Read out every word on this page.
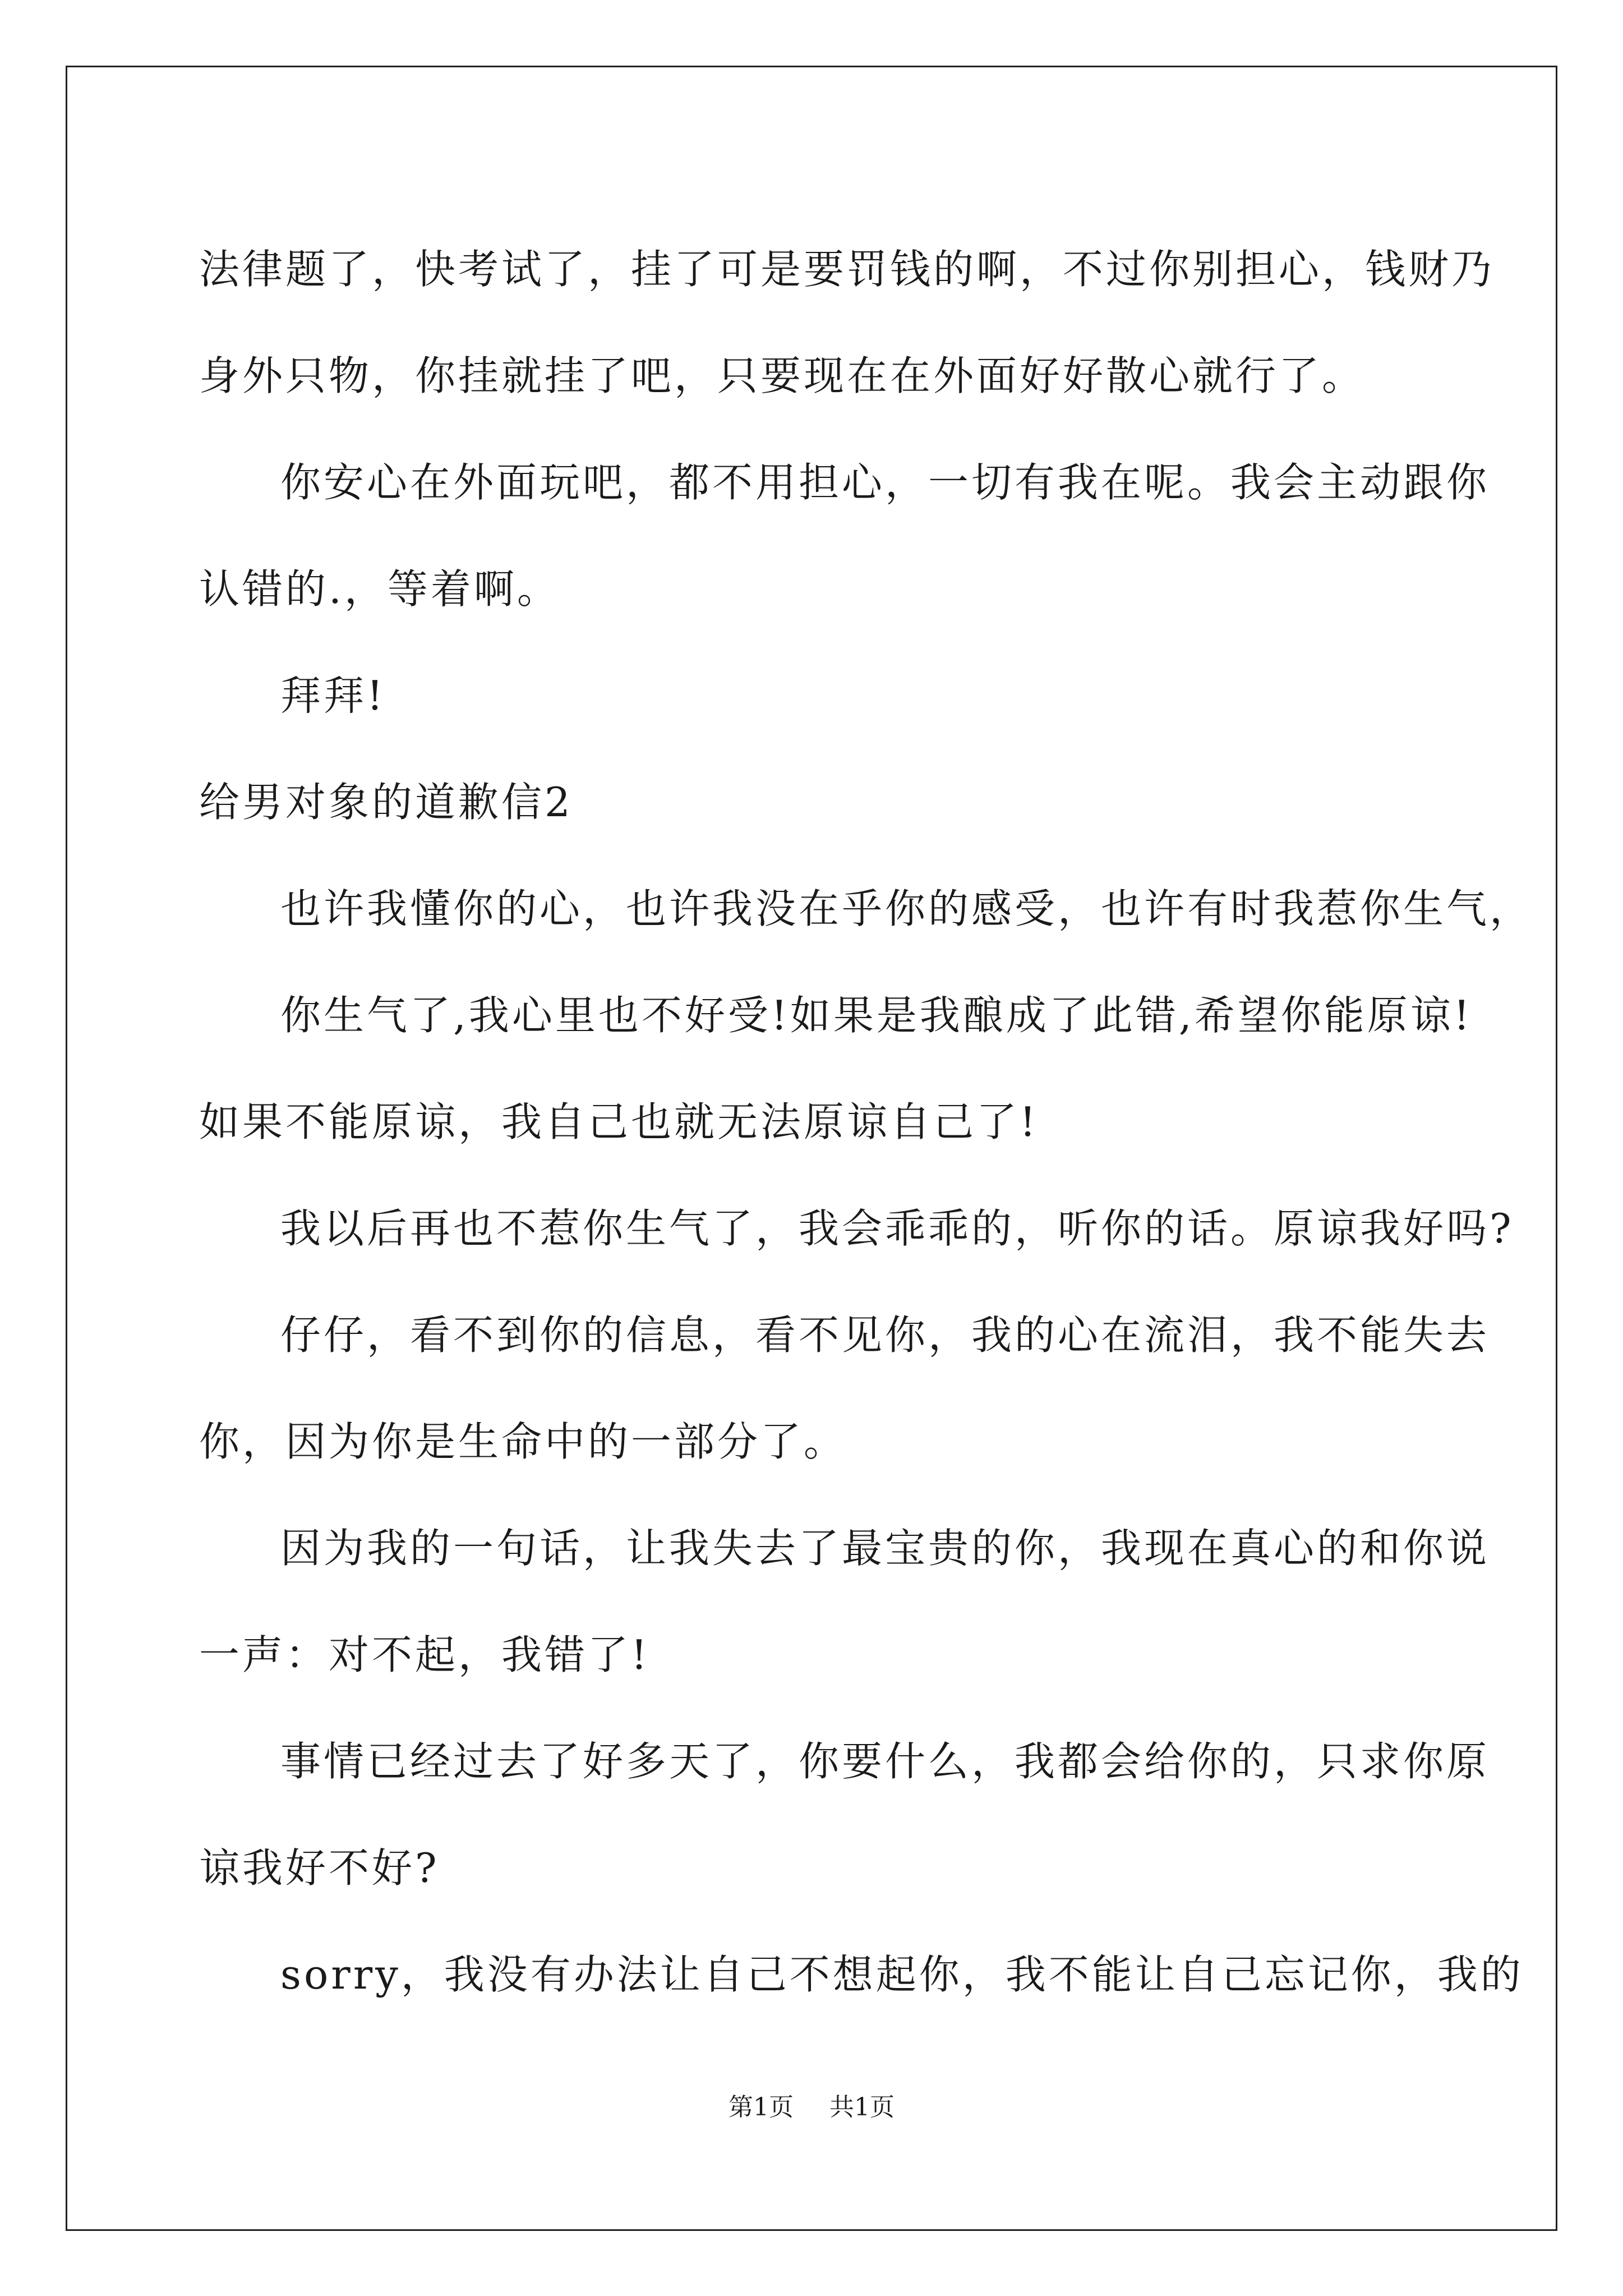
法律题了，快考试了，挂了可是要罚钱的啊，不过你别担心，钱财乃
身外只物，你挂就挂了吧，只要现在在外面好好散心就行了。
你安心在外面玩吧，都不用担心，一切有我在呢。我会主动跟你
认错的.，等着啊。
拜拜!
给男对象的道歉信2
也许我懂你的心，也许我没在乎你的感受，也许有时我惹你生气，
你生气了,我心里也不好受!如果是我酿成了此错,希望你能原谅!
如果不能原谅，我自己也就无法原谅自己了!
我以后再也不惹你生气了，我会乖乖的，听你的话。原谅我好吗?
仔仔，看不到你的信息，看不见你，我的心在流泪，我不能失去
你，因为你是生命中的一部分了。
因为我的一句话，让我失去了最宝贵的你，我现在真心的和你说
一声：对不起，我错了!
事情已经过去了好多天了，你要什么，我都会给你的，只求你原
谅我好不好?
sorry，我没有办法让自己不想起你，我不能让自己忘记你，我的
第1页 共1页
